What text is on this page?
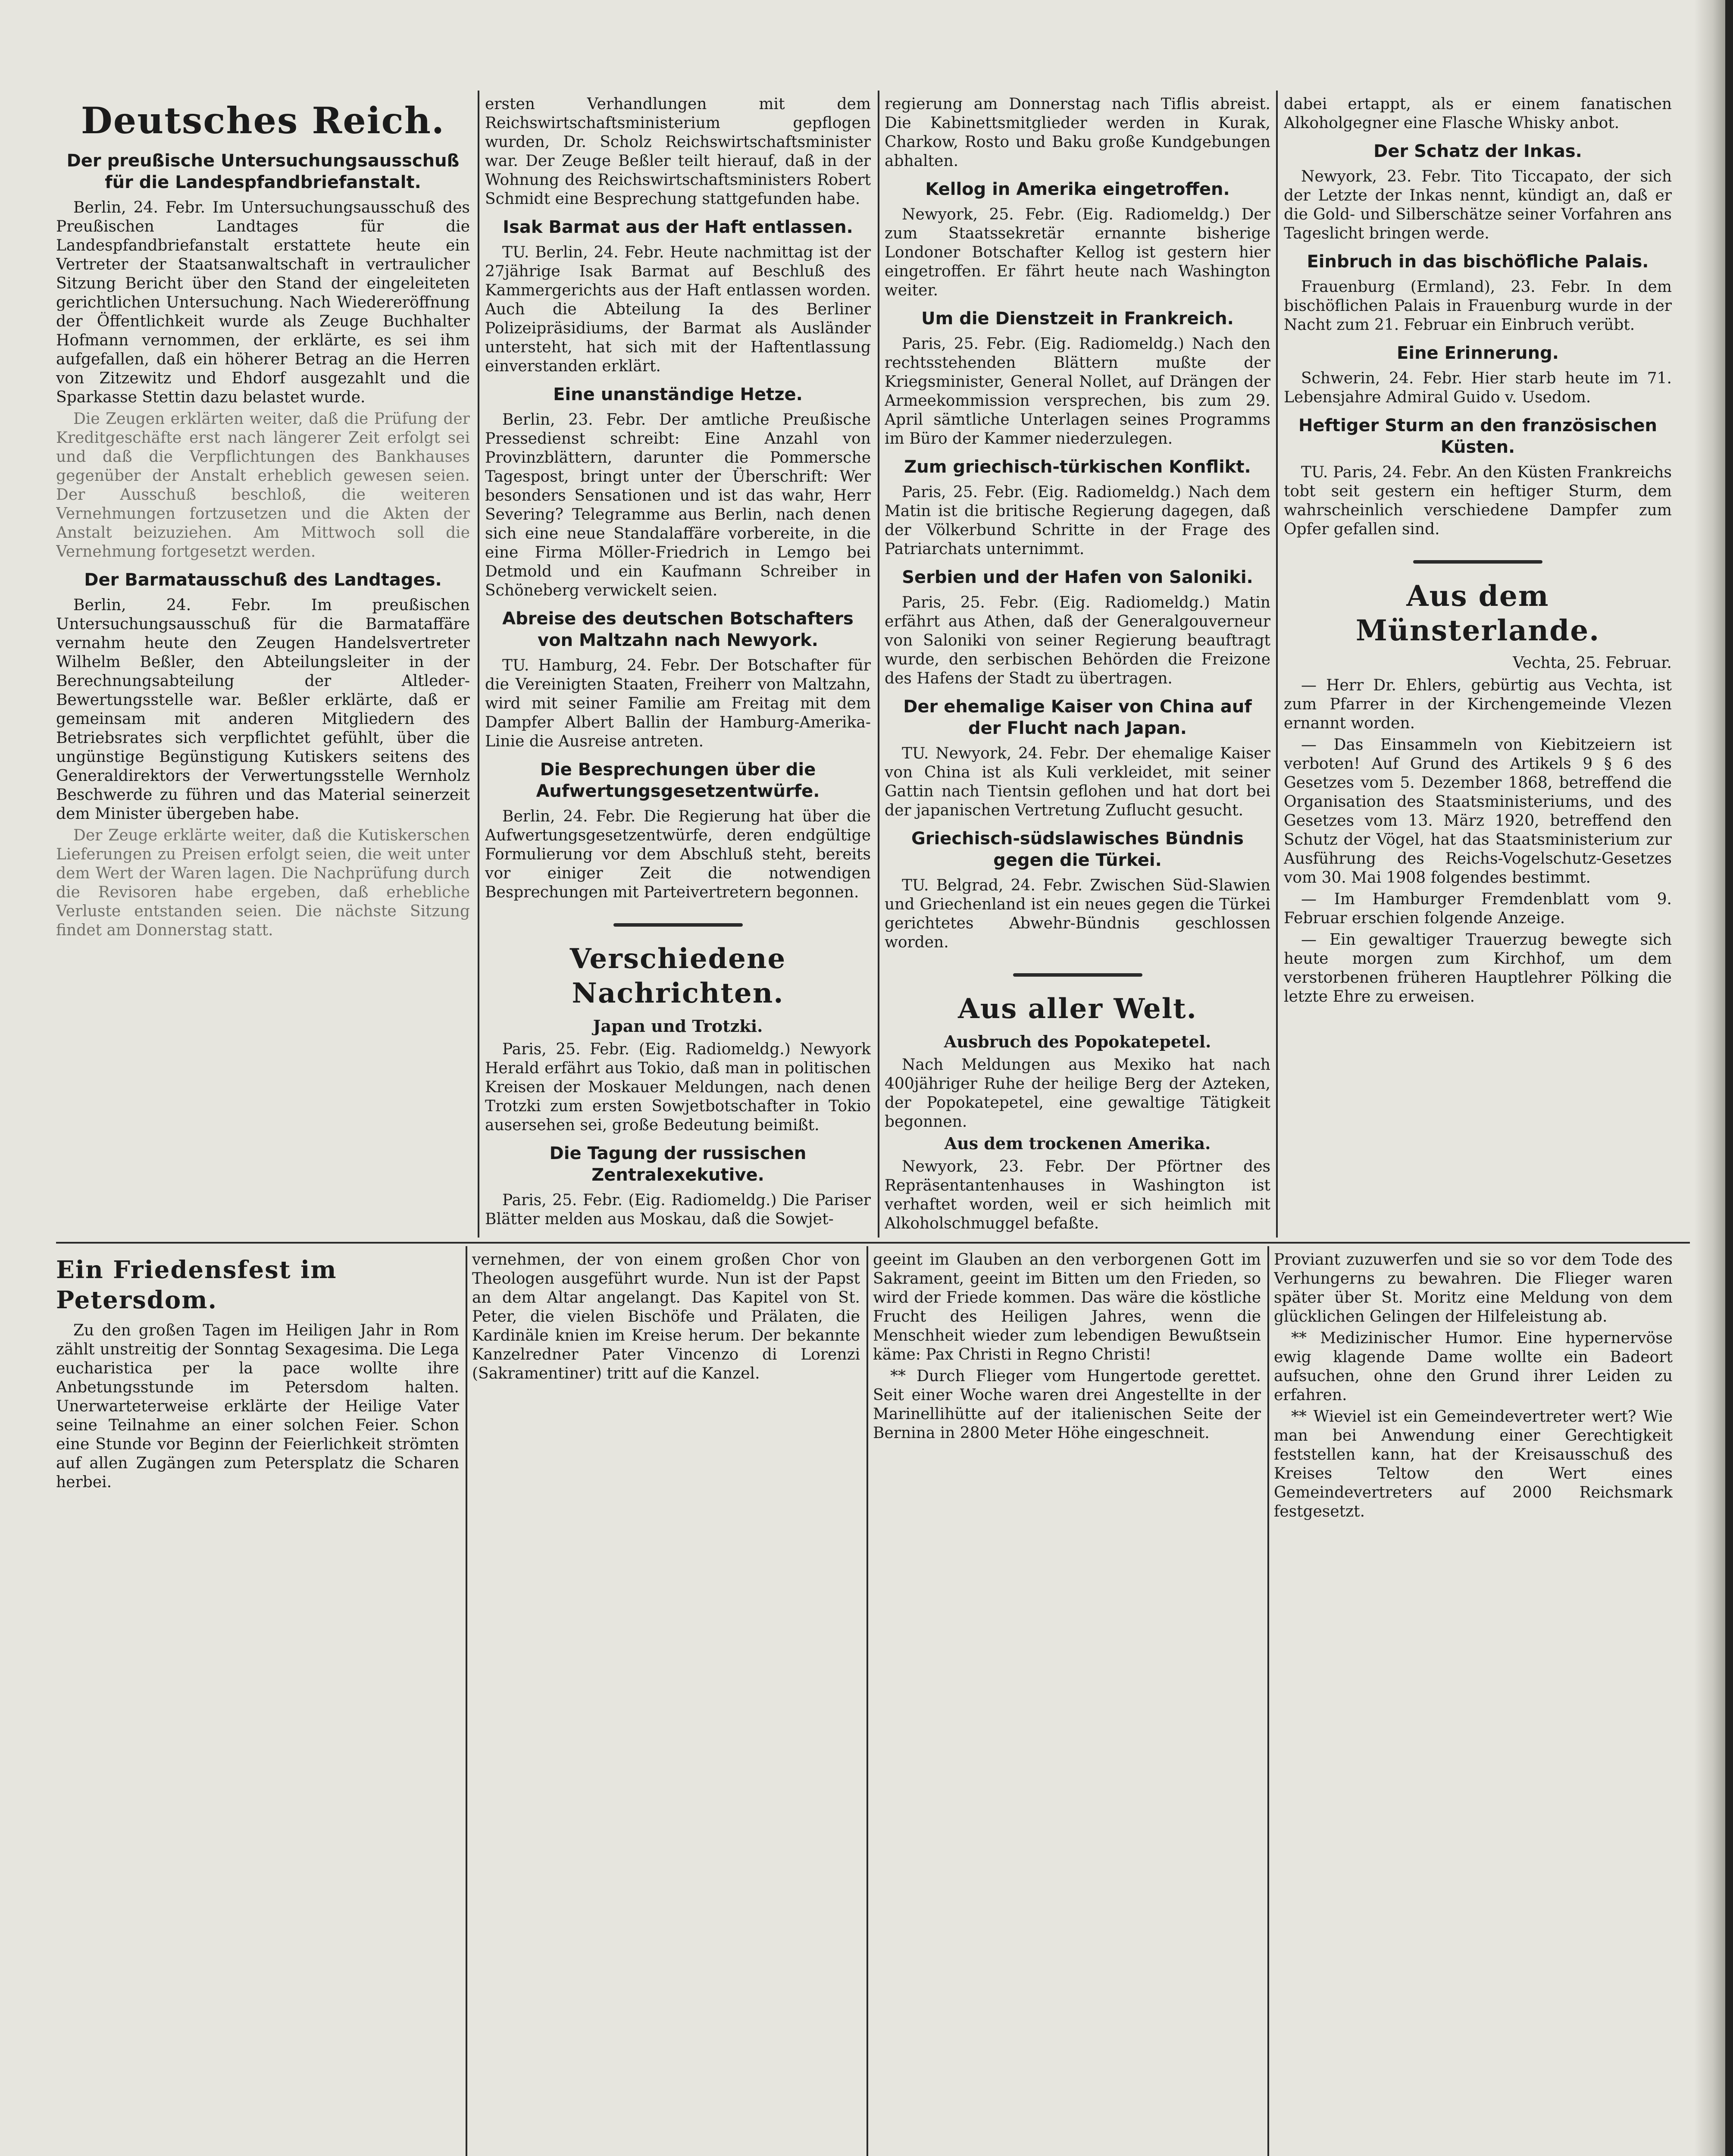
Deutsches Reich.
Der preußische Untersuchungsausschuß für die Landespfandbriefanstalt.

Berlin, 24. Febr. Im Untersuchungsausschuß des Preußischen Landtages für die Landespfandbriefanstalt erstattete heute ein Vertreter der Staatsanwaltschaft in vertraulicher Sitzung Bericht über den Stand der eingeleiteten gerichtlichen Untersuchung. Nach Wiedereröffnung der Öffentlichkeit wurde als Zeuge Buchhalter Hofmann vernommen, der erklärte, es sei ihm aufgefallen, daß ein höherer Betrag an die Herren von Zitzewitz und Ehdorf ausgezahlt und die Sparkasse Stettin dazu belastet wurde.

Die Zeugen erklärten weiter, daß die Prüfung der Kreditgeschäfte erst nach längerer Zeit erfolgt sei und daß die Verpflichtungen des Bankhauses gegenüber der Anstalt erheblich gewesen seien. Der Ausschuß beschloß, die weiteren Vernehmungen fortzusetzen und die Akten der Anstalt beizuziehen. Am Mittwoch soll die Vernehmung fortgesetzt werden.

Der Barmatausschuß des Landtages.

Berlin, 24. Febr. Im preußischen Untersuchungsausschuß für die Barmataffäre vernahm heute den Zeugen Handelsvertreter Wilhelm Beßler, den Abteilungsleiter in der Berechnungsabteilung der Altleder-Bewertungsstelle war. Beßler erklärte, daß er gemeinsam mit anderen Mitgliedern des Betriebsrates sich verpflichtet gefühlt, über die ungünstige Begünstigung Kutiskers seitens des Generaldirektors der Verwertungsstelle Wernholz Beschwerde zu führen und das Material seinerzeit dem Minister übergeben habe.

Der Zeuge erklärte weiter, daß die Kutiskerschen Lieferungen zu Preisen erfolgt seien, die weit unter dem Wert der Waren lagen. Die Nachprüfung durch die Revisoren habe ergeben, daß erhebliche Verluste entstanden seien. Die nächste Sitzung findet am Donnerstag statt.

ersten Verhandlungen mit dem Reichswirtschaftsministerium gepflogen wurden, Dr. Scholz Reichswirtschaftsminister war. Der Zeuge Beßler teilt hierauf, daß in der Wohnung des Reichswirtschaftsministers Robert Schmidt eine Besprechung stattgefunden habe.

Isak Barmat aus der Haft entlassen.

TU. Berlin, 24. Febr. Heute nachmittag ist der 27jährige Isak Barmat auf Beschluß des Kammergerichts aus der Haft entlassen worden. Auch die Abteilung Ia des Berliner Polizeipräsidiums, der Barmat als Ausländer untersteht, hat sich mit der Haftentlassung einverstanden erklärt.

Eine unanständige Hetze.

Berlin, 23. Febr. Der amtliche Preußische Pressedienst schreibt: Eine Anzahl von Provinzblättern, darunter die Pommersche Tagespost, bringt unter der Überschrift: Wer besonders Sensationen und ist das wahr, Herr Severing? Telegramme aus Berlin, nach denen sich eine neue Standalaffäre vorbereite, in die eine Firma Möller-Friedrich in Lemgo bei Detmold und ein Kaufmann Schreiber in Schöneberg verwickelt seien.

Abreise des deutschen Botschafters von Maltzahn nach Newyork.

TU. Hamburg, 24. Febr. Der Botschafter für die Vereinigten Staaten, Freiherr von Maltzahn, wird mit seiner Familie am Freitag mit dem Dampfer Albert Ballin der Hamburg-Amerika-Linie die Ausreise antreten.

Die Besprechungen über die Aufwertungsgesetzentwürfe.

Berlin, 24. Febr. Die Regierung hat über die Aufwertungsgesetzentwürfe, deren endgültige Formulierung vor dem Abschluß steht, bereits vor einiger Zeit die notwendigen Besprechungen mit Parteivertretern begonnen.

Verschiedene Nachrichten.
Japan und Trotzki.

Paris, 25. Febr. (Eig. Radiomeldg.) Newyork Herald erfährt aus Tokio, daß man in politischen Kreisen der Moskauer Meldungen, nach denen Trotzki zum ersten Sowjetbotschafter in Tokio ausersehen sei, große Bedeutung beimißt.

Die Tagung der russischen Zentralexekutive.

Paris, 25. Febr. (Eig. Radiomeldg.) Die Pariser Blätter melden aus Moskau, daß die Sowjet-

regierung am Donnerstag nach Tiflis abreist. Die Kabinettsmitglieder werden in Kurak, Charkow, Rosto und Baku große Kundgebungen abhalten.

Kellog in Amerika eingetroffen.

Newyork, 25. Febr. (Eig. Radiomeldg.) Der zum Staatssekretär ernannte bisherige Londoner Botschafter Kellog ist gestern hier eingetroffen. Er fährt heute nach Washington weiter.

Um die Dienstzeit in Frankreich.

Paris, 25. Febr. (Eig. Radiomeldg.) Nach den rechtsstehenden Blättern mußte der Kriegsminister, General Nollet, auf Drängen der Armeekommission versprechen, bis zum 29. April sämtliche Unterlagen seines Programms im Büro der Kammer niederzulegen.

Zum griechisch-türkischen Konflikt.

Paris, 25. Febr. (Eig. Radiomeldg.) Nach dem Matin ist die britische Regierung dagegen, daß der Völkerbund Schritte in der Frage des Patriarchats unternimmt.

Serbien und der Hafen von Saloniki.

Paris, 25. Febr. (Eig. Radiomeldg.) Matin erfährt aus Athen, daß der Generalgouverneur von Saloniki von seiner Regierung beauftragt wurde, den serbischen Behörden die Freizone des Hafens der Stadt zu übertragen.

Der ehemalige Kaiser von China auf der Flucht nach Japan.

TU. Newyork, 24. Febr. Der ehemalige Kaiser von China ist als Kuli verkleidet, mit seiner Gattin nach Tientsin geflohen und hat dort bei der japanischen Vertretung Zuflucht gesucht.

Griechisch-südslawisches Bündnis gegen die Türkei.

TU. Belgrad, 24. Febr. Zwischen Süd-Slawien und Griechenland ist ein neues gegen die Türkei gerichtetes Abwehr-Bündnis geschlossen worden.

Aus aller Welt.
Ausbruch des Popokatepetel.

Nach Meldungen aus Mexiko hat nach 400jähriger Ruhe der heilige Berg der Azteken, der Popokatepetel, eine gewaltige Tätigkeit begonnen.

Aus dem trockenen Amerika.

Newyork, 23. Febr. Der Pförtner des Repräsentantenhauses in Washington ist verhaftet worden, weil er sich heimlich mit Alkoholschmuggel befaßte.

dabei ertappt, als er einem fanatischen Alkoholgegner eine Flasche Whisky anbot.

Der Schatz der Inkas.

Newyork, 23. Febr. Tito Ticcapato, der sich der Letzte der Inkas nennt, kündigt an, daß er die Gold- und Silberschätze seiner Vorfahren ans Tageslicht bringen werde.

Einbruch in das bischöfliche Palais.

Frauenburg (Ermland), 23. Febr. In dem bischöflichen Palais in Frauenburg wurde in der Nacht zum 21. Februar ein Einbruch verübt.

Eine Erinnerung.

Schwerin, 24. Febr. Hier starb heute im 71. Lebensjahre Admiral Guido v. Usedom.

Heftiger Sturm an den französischen Küsten.

TU. Paris, 24. Febr. An den Küsten Frankreichs tobt seit gestern ein heftiger Sturm, dem wahrscheinlich verschiedene Dampfer zum Opfer gefallen sind.

Aus dem Münsterlande.
Vechta, 25. Februar.

— Herr Dr. Ehlers, gebürtig aus Vechta, ist zum Pfarrer in der Kirchengemeinde Vlezen ernannt worden.

— Das Einsammeln von Kiebitzeiern ist verboten! Auf Grund des Artikels 9 § 6 des Gesetzes vom 5. Dezember 1868, betreffend die Organisation des Staatsministeriums, und des Gesetzes vom 13. März 1920, betreffend den Schutz der Vögel, hat das Staatsministerium zur Ausführung des Reichs-Vogelschutz-Gesetzes vom 30. Mai 1908 folgendes bestimmt.

— Im Hamburger Fremdenblatt vom 9. Februar erschien folgende Anzeige.

— Ein gewaltiger Trauerzug bewegte sich heute morgen zum Kirchhof, um dem verstorbenen früheren Hauptlehrer Pölking die letzte Ehre zu erweisen.

Ein Friedensfest im Petersdom.

Zu den großen Tagen im Heiligen Jahr in Rom zählt unstreitig der Sonntag Sexagesima. Die Lega eucharistica per la pace wollte ihre Anbetungsstunde im Petersdom halten. Unerwarteterweise erklärte der Heilige Vater seine Teilnahme an einer solchen Feier. Schon eine Stunde vor Beginn der Feierlichkeit strömten auf allen Zugängen zum Petersplatz die Scharen herbei.

vernehmen, der von einem großen Chor von Theologen ausgeführt wurde. Nun ist der Papst an dem Altar angelangt. Das Kapitel von St. Peter, die vielen Bischöfe und Prälaten, die Kardinäle knien im Kreise herum. Der bekannte Kanzelredner Pater Vincenzo di Lorenzi (Sakramentiner) tritt auf die Kanzel.

geeint im Glauben an den verborgenen Gott im Sakrament, geeint im Bitten um den Frieden, so wird der Friede kommen. Das wäre die köstliche Frucht des Heiligen Jahres, wenn die Menschheit wieder zum lebendigen Bewußtsein käme: Pax Christi in Regno Christi!

** Durch Flieger vom Hungertode gerettet. Seit einer Woche waren drei Angestellte in der Marinellihütte auf der italienischen Seite der Bernina in 2800 Meter Höhe eingeschneit.

Proviant zuzuwerfen und sie so vor dem Tode des Verhungerns zu bewahren. Die Flieger waren später über St. Moritz eine Meldung von dem glücklichen Gelingen der Hilfeleistung ab.

** Medizinischer Humor. Eine hypernervöse ewig klagende Dame wollte ein Badeort aufsuchen, ohne den Grund ihrer Leiden zu erfahren.

** Wieviel ist ein Gemeindevertreter wert? Wie man bei Anwendung einer Gerechtigkeit feststellen kann, hat der Kreisausschuß des Kreises Teltow den Wert eines Gemeindevertreters auf 2000 Reichsmark festgesetzt.
